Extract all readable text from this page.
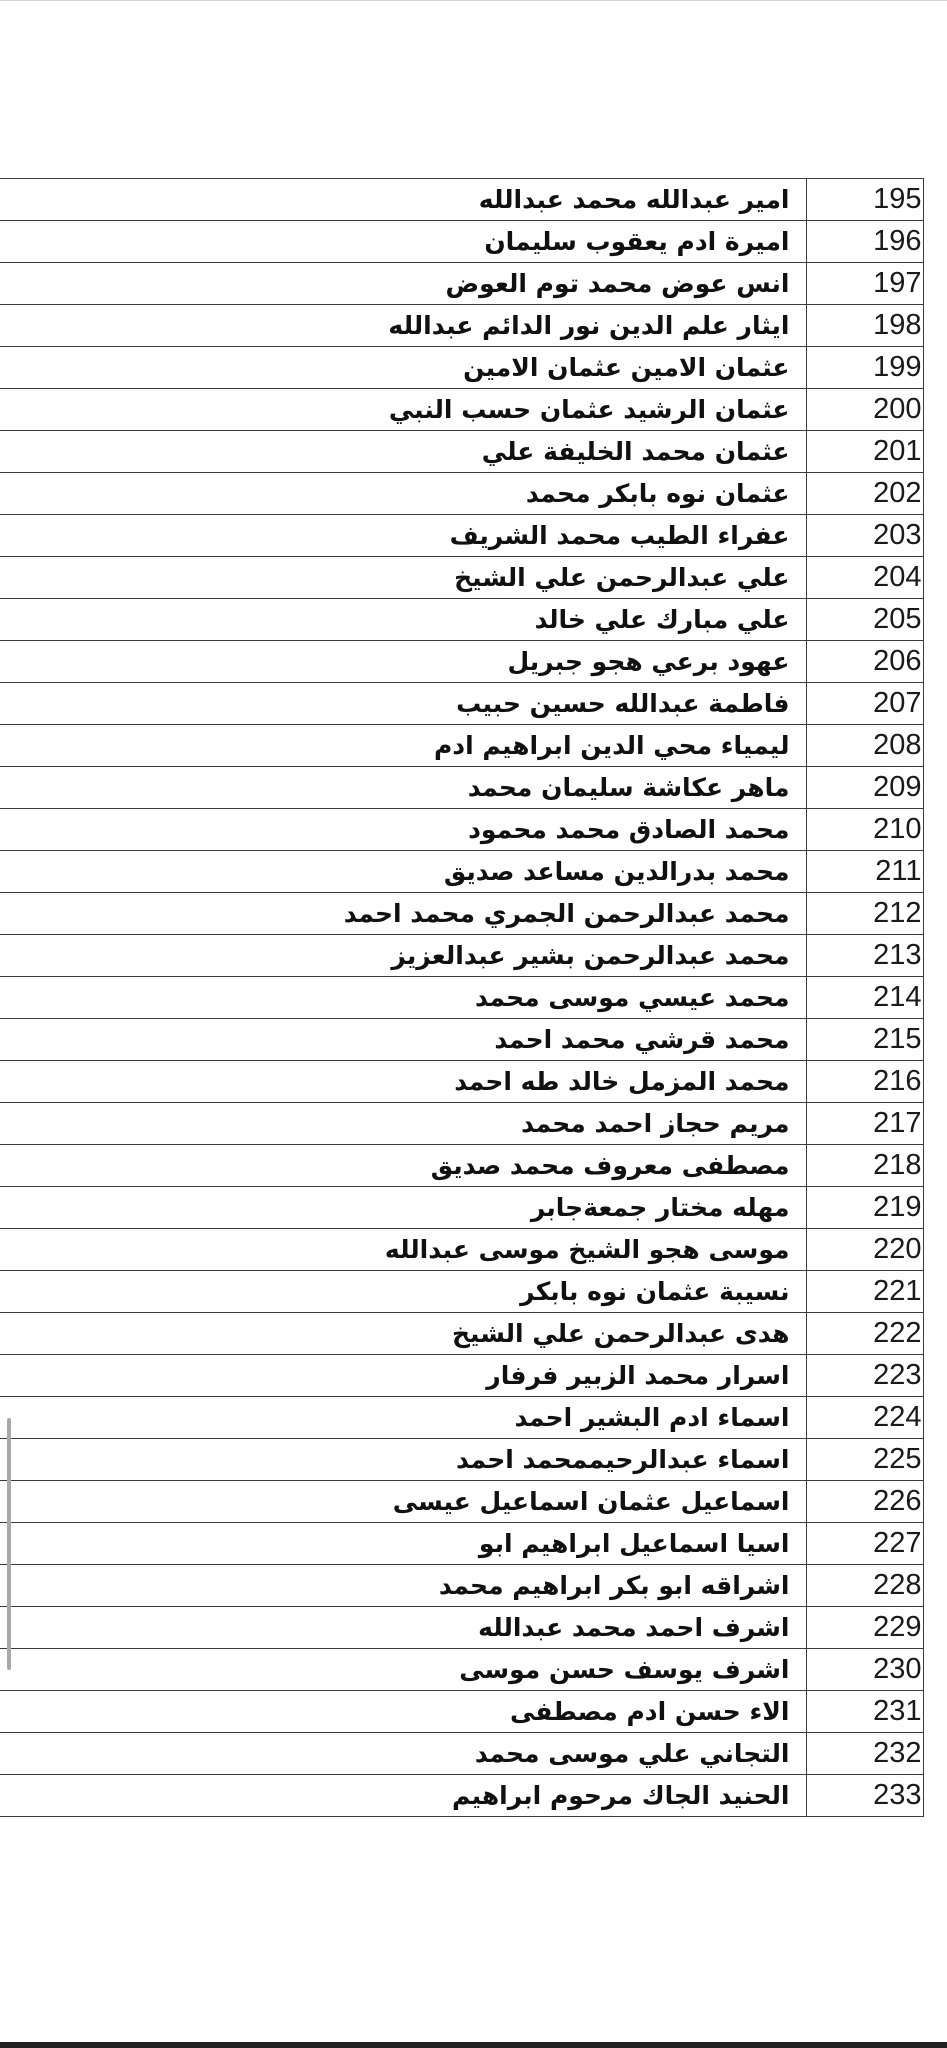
امير عبدالله محمد عبدالله	195
اميرة ادم يعقوب سليمان	196
انس عوض محمد توم العوض	197
ايثار علم الدين نور الدائم عبدالله	198
عثمان الامين عثمان الامين	199
عثمان الرشيد عثمان حسب النبي	200
عثمان محمد الخليفة علي	201
عثمان نوه بابكر محمد	202
عفراء الطيب محمد الشريف	203
علي عبدالرحمن علي الشيخ	204
علي مبارك علي خالد	205
عهود برعي هجو جبريل	206
فاطمة عبدالله حسين حبيب	207
ليمياء محي الدين ابراهيم ادم	208
ماهر عكاشة سليمان محمد	209
محمد الصادق محمد محمود	210
محمد بدرالدين مساعد صديق	211
محمد عبدالرحمن الجمري محمد احمد	212
محمد عبدالرحمن بشير عبدالعزيز	213
محمد عيسي موسى محمد	214
محمد قرشي محمد احمد	215
محمد المزمل خالد طه احمد	216
مريم حجاز احمد محمد	217
مصطفى معروف محمد صديق	218
مهله مختار جمعةجابر	219
موسى هجو الشيخ موسى عبدالله	220
نسيبة عثمان نوه بابكر	221
هدى عبدالرحمن علي الشيخ	222
اسرار محمد الزبير فرفار	223
اسماء ادم البشير احمد	224
اسماء عبدالرحيممحمد احمد	225
اسماعيل عثمان اسماعيل عيسى	226
اسيا اسماعيل ابراهيم ابو	227
اشراقه ابو بكر ابراهيم محمد	228
اشرف احمد محمد عبدالله	229
اشرف يوسف حسن موسى	230
الاء حسن ادم مصطفى	231
التجاني علي موسى محمد	232
الحنيد الجاك مرحوم ابراهيم	233
